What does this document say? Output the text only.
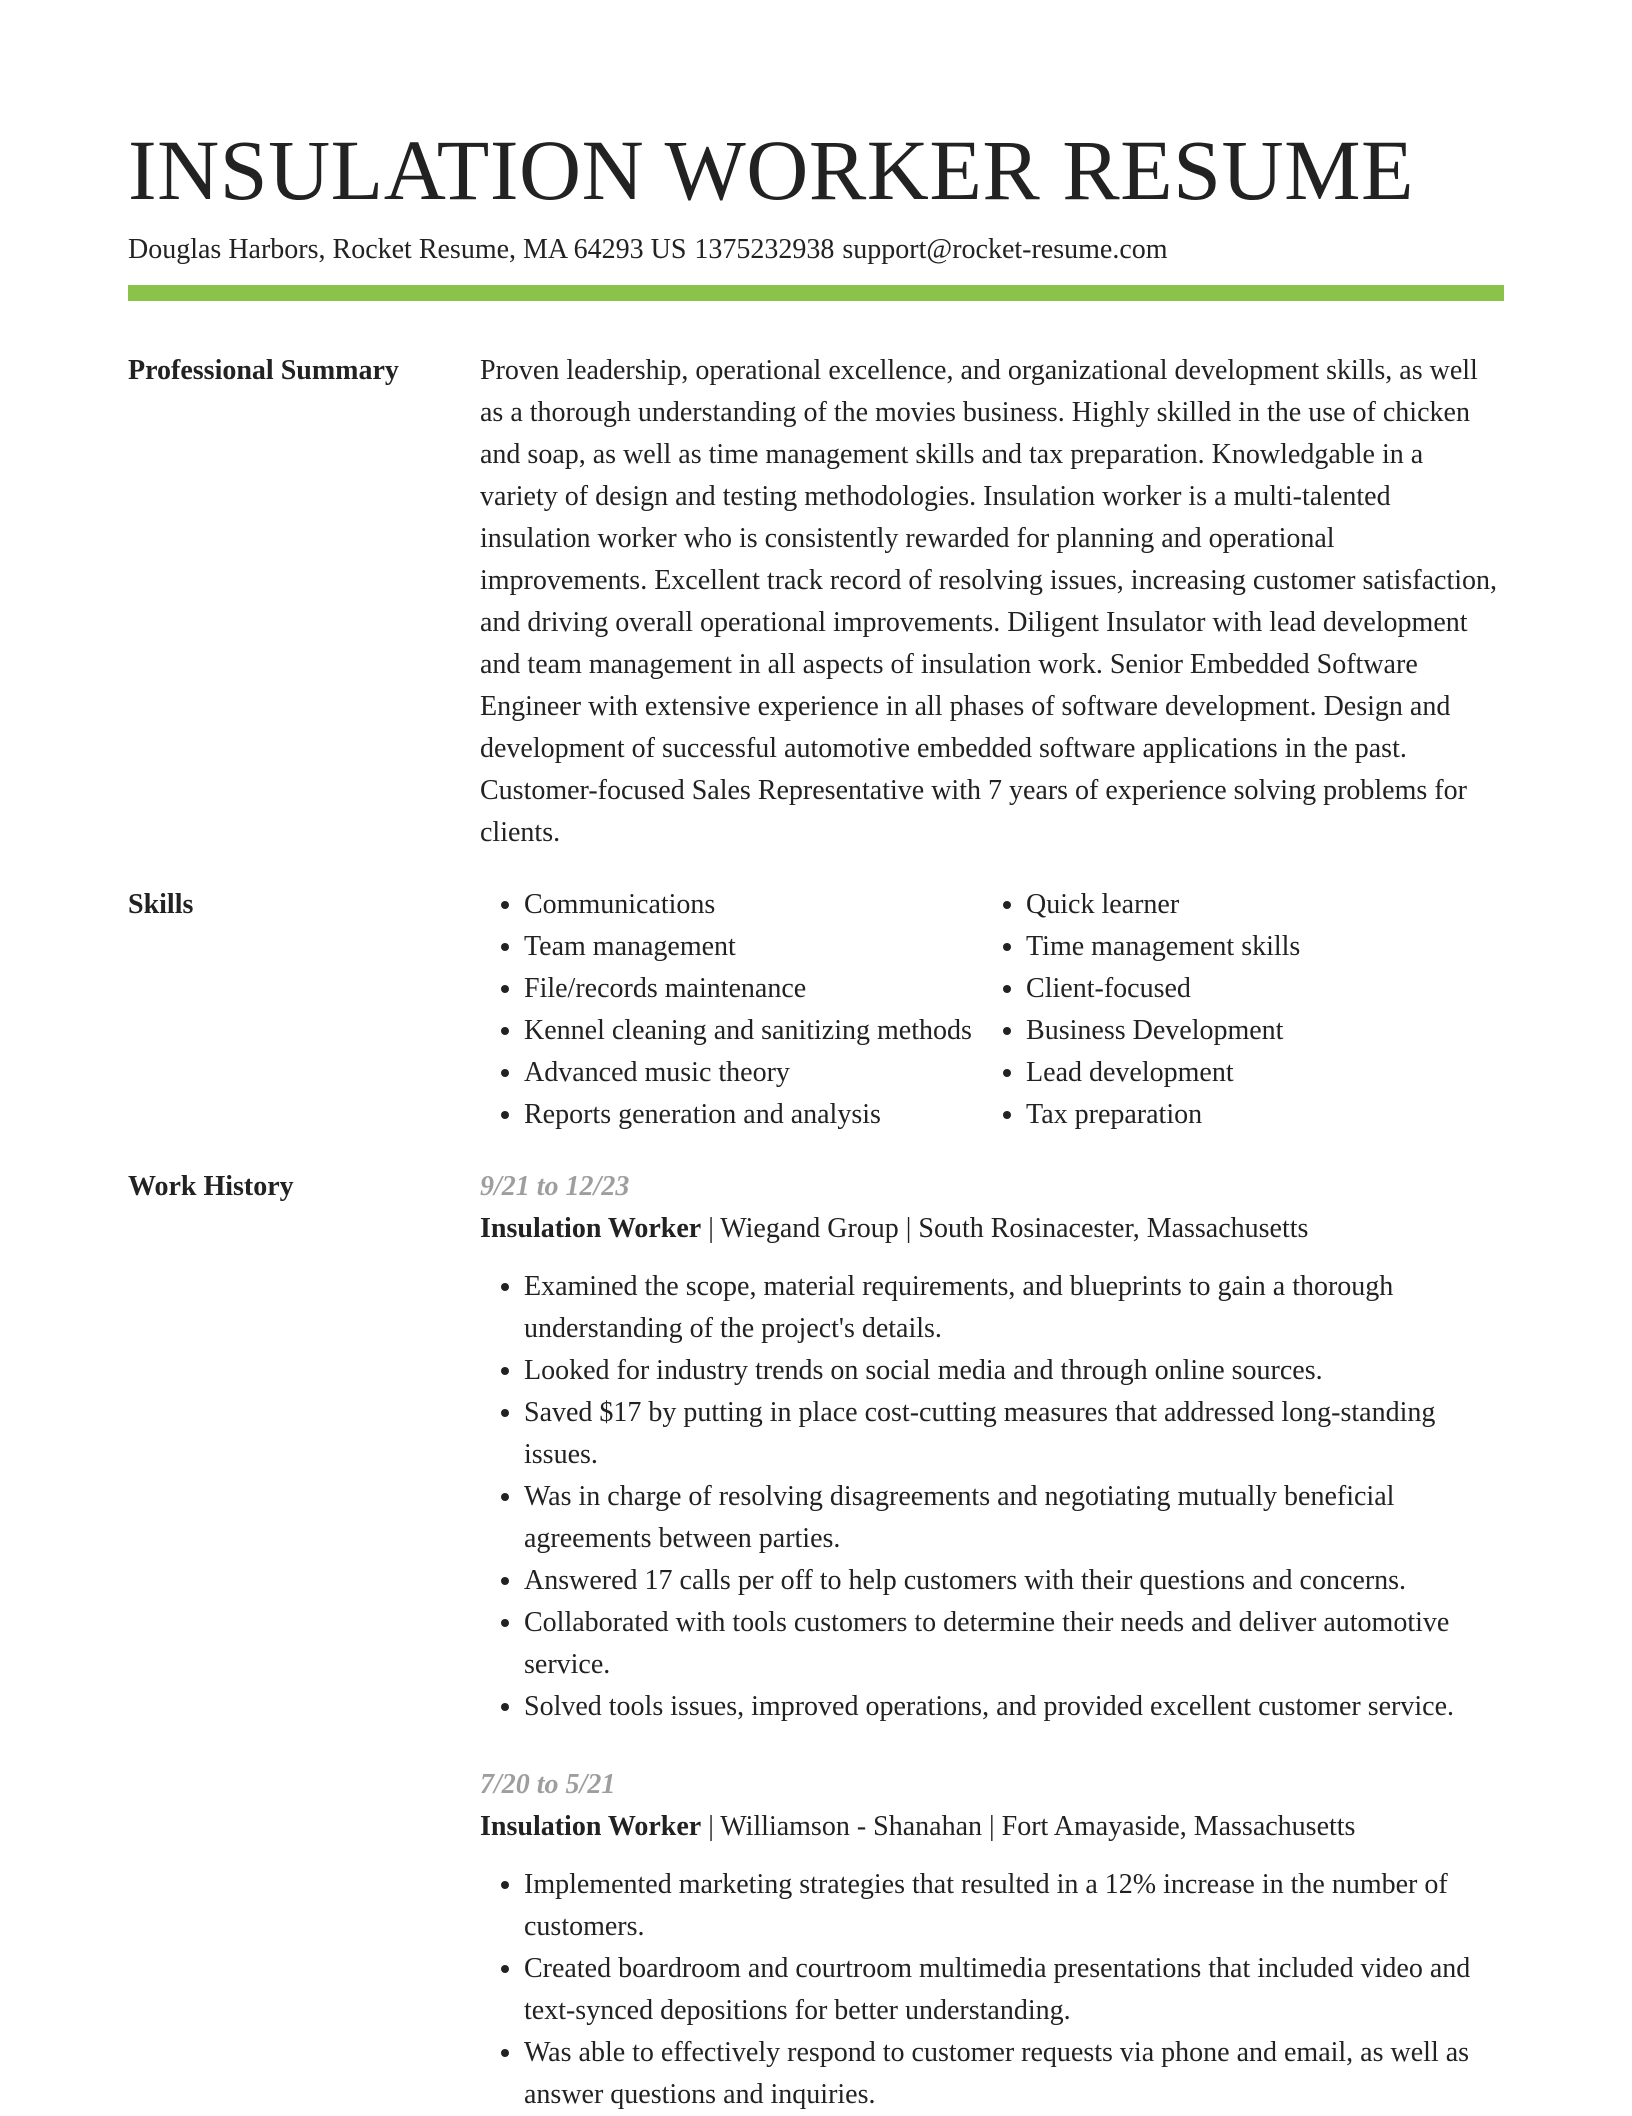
INSULATION WORKER RESUME
Douglas Harbors, Rocket Resume, MA 64293 US 1375232938 support@rocket-resume.com
Professional Summary	Proven leadership, operational excellence, and organizational development skills, as well as a thorough understanding of the movies business. Highly skilled in the use of chicken and soap, as well as time management skills and tax preparation. Knowledgable in a variety of design and testing methodologies. Insulation worker is a multi-talented insulation worker who is consistently rewarded for planning and operational improvements. Excellent track record of resolving issues, increasing customer satisfaction, and driving overall operational improvements. Diligent Insulator with lead development and team management in all aspects of insulation work. Senior Embedded Software Engineer with extensive experience in all phases of software development. Design and development of successful automotive embedded software applications in the past. Customer-focused Sales Representative with 7 years of experience solving problems for clients.

Skills
•	Communications
• Team management
• File/records maintenance
• Kennel cleaning and sanitizing methods
• Advanced music theory
• Reports generation and analysis
• Quick learner
• Time management skills
• Client-focused
• Business Development
• Lead development
• Tax preparation
Work History	9/21 to 12/23

Insulation Worker | Wiegand Group | South Rosinacester, Massachusetts

• Examined the scope, material requirements, and blueprints to gain a thorough understanding of the project's details.
• Looked for industry trends on social media and through online sources.
• Saved $17 by putting in place cost-cutting measures that addressed long-standing issues.
• Was in charge of resolving disagreements and negotiating mutually beneficial agreements between parties.
• Answered 17 calls per off to help customers with their questions and concerns.
• Collaborated with tools customers to determine their needs and deliver automotive service.
• Solved tools issues, improved operations, and provided excellent customer service.

7/20 to 5/21

Insulation Worker | Williamson - Shanahan | Fort Amayaside, Massachusetts

• Implemented marketing strategies that resulted in a 12% increase in the number of customers.
• Created boardroom and courtroom multimedia presentations that included video and text-synced depositions for better understanding.
• Was able to effectively respond to customer requests via phone and email, as well as answer questions and inquiries.
